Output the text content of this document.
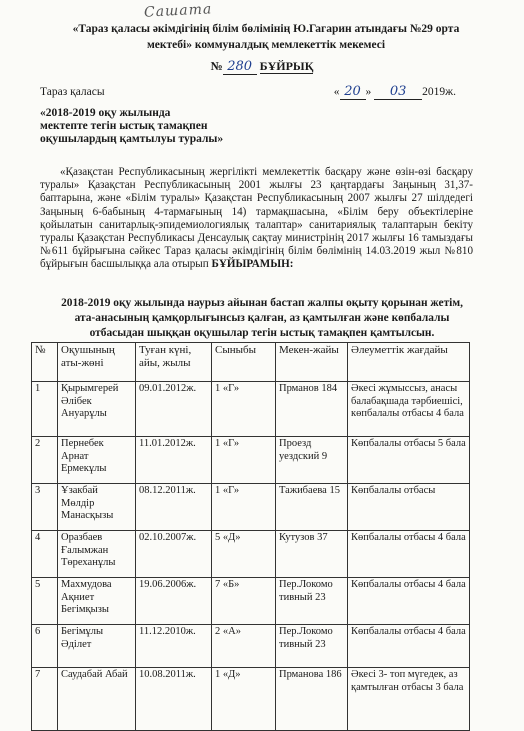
Сашата
«Тараз қаласы әкімдігінің білім бөлімінің Ю.Гагарин атындағы №29 орта
мектебі» коммуналдық мемлекеттік мекемесі
№ 280 БҰЙРЫҚ
Тараз қаласы	« 20 » 03 2019ж.
«2018-2019 оқу жылында
мектепте тегін ыстық тамақпен
оқушылардың қамтылуы туралы»
«Қазақстан Республикасының жергілікті мемлекеттік басқару және өзін-өзі басқару туралы» Қазақстан Республикасының 2001 жылғы 23 қаңтардағы Заңының 31,37-баптарына, және «Білім туралы» Қазақстан Республикасының 2007 жылғы 27 шілдедегі Заңының 6-бабының 4-тармағының 14) тармақшасына, «Білім беру объектілеріне қойылатын санитарлық-эпидемиологиялық талаптар» санитариялық талаптарын бекіту туралы Қазақстан Республикасы Денсаулық сақтау министрінің 2017 жылғы 16 тамыздағы №611 бұйрығына сәйкес Тараз қаласы әкімдігінің білім бөлімінің 14.03.2019 жыл №810 бұйрығын басшылыққа ала отырып БҰЙЫРАМЫН:
2018-2019 оқу жылында наурыз айынан бастап жалпы оқыту қорынан жетім,
ата-анасының қамқорлығынсыз қалған, аз қамтылған және көпбалалы
отбасыдан шыққан оқушылар тегін ыстық тамақпен қамтылсын.
№	Оқушының аты-жөні	Туған күні, айы, жылы	Сыныбы	Мекен-жайы	Әлеуметтік жағдайы
1	Қырымгерей Әлібек Ануарұлы	09.01.2012ж.	1 «Г»	Прманов 184	Әкесі жұмыссыз, анасы балабақшада тәрбиешісі, көпбалалы отбасы 4 бала
2	Пернебек Арнат Ермекұлы	11.01.2012ж.	1 «Г»	Проезд уездский 9	Көпбалалы отбасы 5 бала
3	Ұзакбай Мөлдір Манасқызы	08.12.2011ж.	1 «Г»	Тажибаева 15	Көпбалалы отбасы
4	Оразбаев Ғалымжан Төреханұлы	02.10.2007ж.	5 «Д»	Кутузов 37	Көпбалалы отбасы 4 бала
5	Махмудова Ақниет Бегімқызы	19.06.2006ж.	7 «Б»	Пер.Локомо тивный 23	Көпбалалы отбасы 4 бала
6	Бегімұлы Әділет	11.12.2010ж.	2 «А»	Пер.Локомо тивный 23	Көпбалалы отбасы 4 бала
7	Саудабай Абай	10.08.2011ж.	1 «Д»	Прманова 186	Әкесі 3- топ мүгедек, аз қамтылған отбасы 3 бала
